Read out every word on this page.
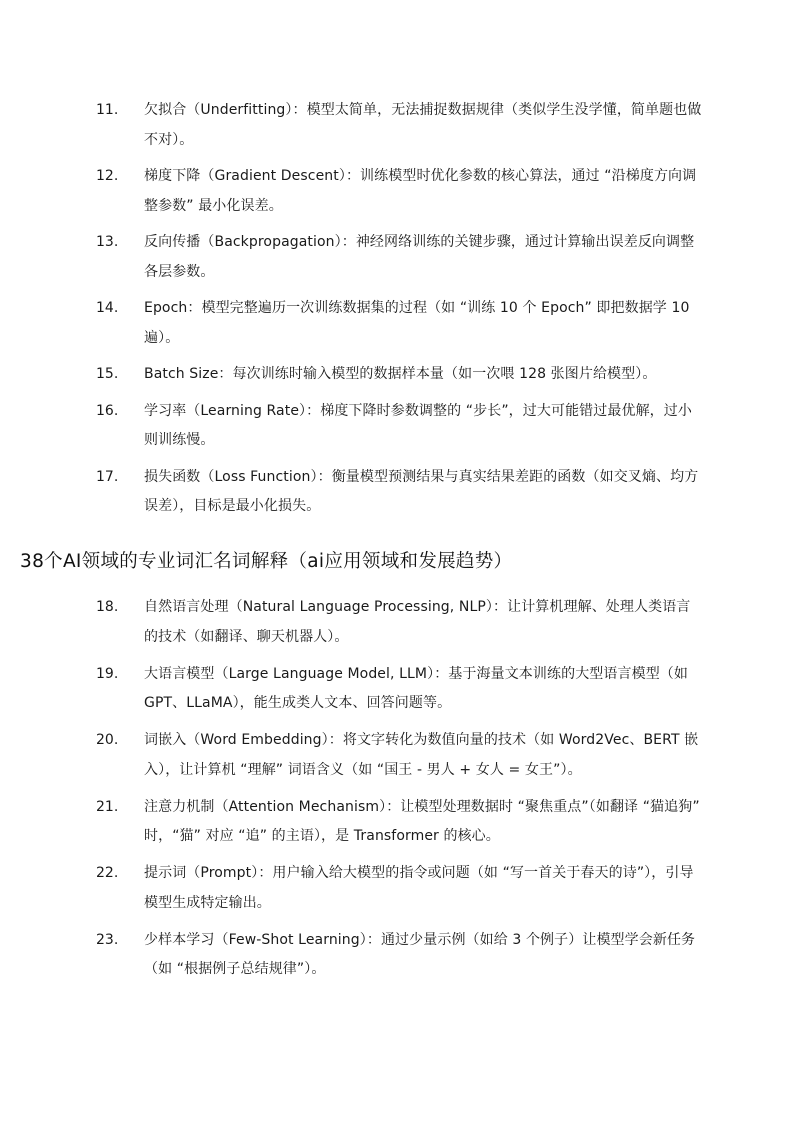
11. 欠拟合（Underfitting）：模型太简单，无法捕捉数据规律（类似学生没学懂，简单题也做不对）。
12. 梯度下降（Gradient Descent）：训练模型时优化参数的核心算法，通过 “沿梯度方向调整参数” 最小化误差。
13. 反向传播（Backpropagation）：神经网络训练的关键步骤，通过计算输出误差反向调整各层参数。
14. Epoch：模型完整遍历一次训练数据集的过程（如 “训练 10 个 Epoch” 即把数据学 10 遍）。
15. Batch Size：每次训练时输入模型的数据样本量（如一次喂 128 张图片给模型）。
16. 学习率（Learning Rate）：梯度下降时参数调整的 “步长”，过大可能错过最优解，过小则训练慢。
17. 损失函数（Loss Function）：衡量模型预测结果与真实结果差距的函数（如交叉熵、均方误差），目标是最小化损失。
38个AI领域的专业词汇名词解释（ai应用领域和发展趋势）
18. 自然语言处理（Natural Language Processing, NLP）：让计算机理解、处理人类语言的技术（如翻译、聊天机器人）。
19. 大语言模型（Large Language Model, LLM）：基于海量文本训练的大型语言模型（如 GPT、LLaMA），能生成类人文本、回答问题等。
20. 词嵌入（Word Embedding）：将文字转化为数值向量的技术（如 Word2Vec、BERT 嵌入），让计算机 “理解” 词语含义（如 “国王 - 男人 + 女人 = 女王”）。
21. 注意力机制（Attention Mechanism）：让模型处理数据时 “聚焦重点”（如翻译 “猫追狗” 时，“猫” 对应 “追” 的主语），是 Transformer 的核心。
22. 提示词（Prompt）：用户输入给大模型的指令或问题（如 “写一首关于春天的诗”），引导模型生成特定输出。
23. 少样本学习（Few-Shot Learning）：通过少量示例（如给 3 个例子）让模型学会新任务（如 “根据例子总结规律”）。
